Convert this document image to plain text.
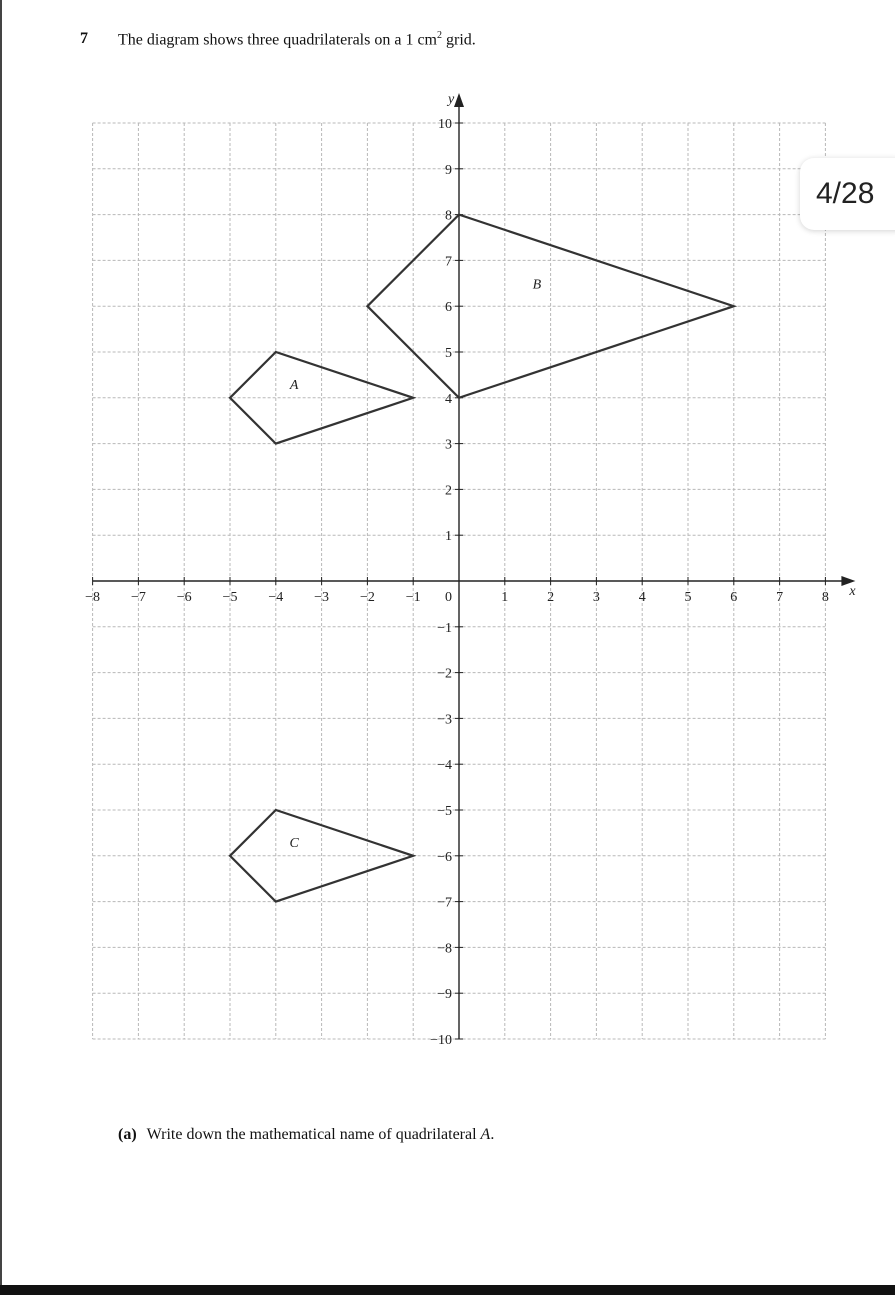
7 The diagram shows three quadrilaterals on a 1 $cm^2$ grid.
x
y
−8 −7 −6 −5 −4 −3 −2 −1	1	2	3	4	5	6	7	8
−10
−9
−8
−7
−6
−5
−4
−3
−2
−1
1
2
3
4
5
6
7
8
9
10
0
A
B
C
4/28
(a) Write down the mathematical name of quadrilateral A.
